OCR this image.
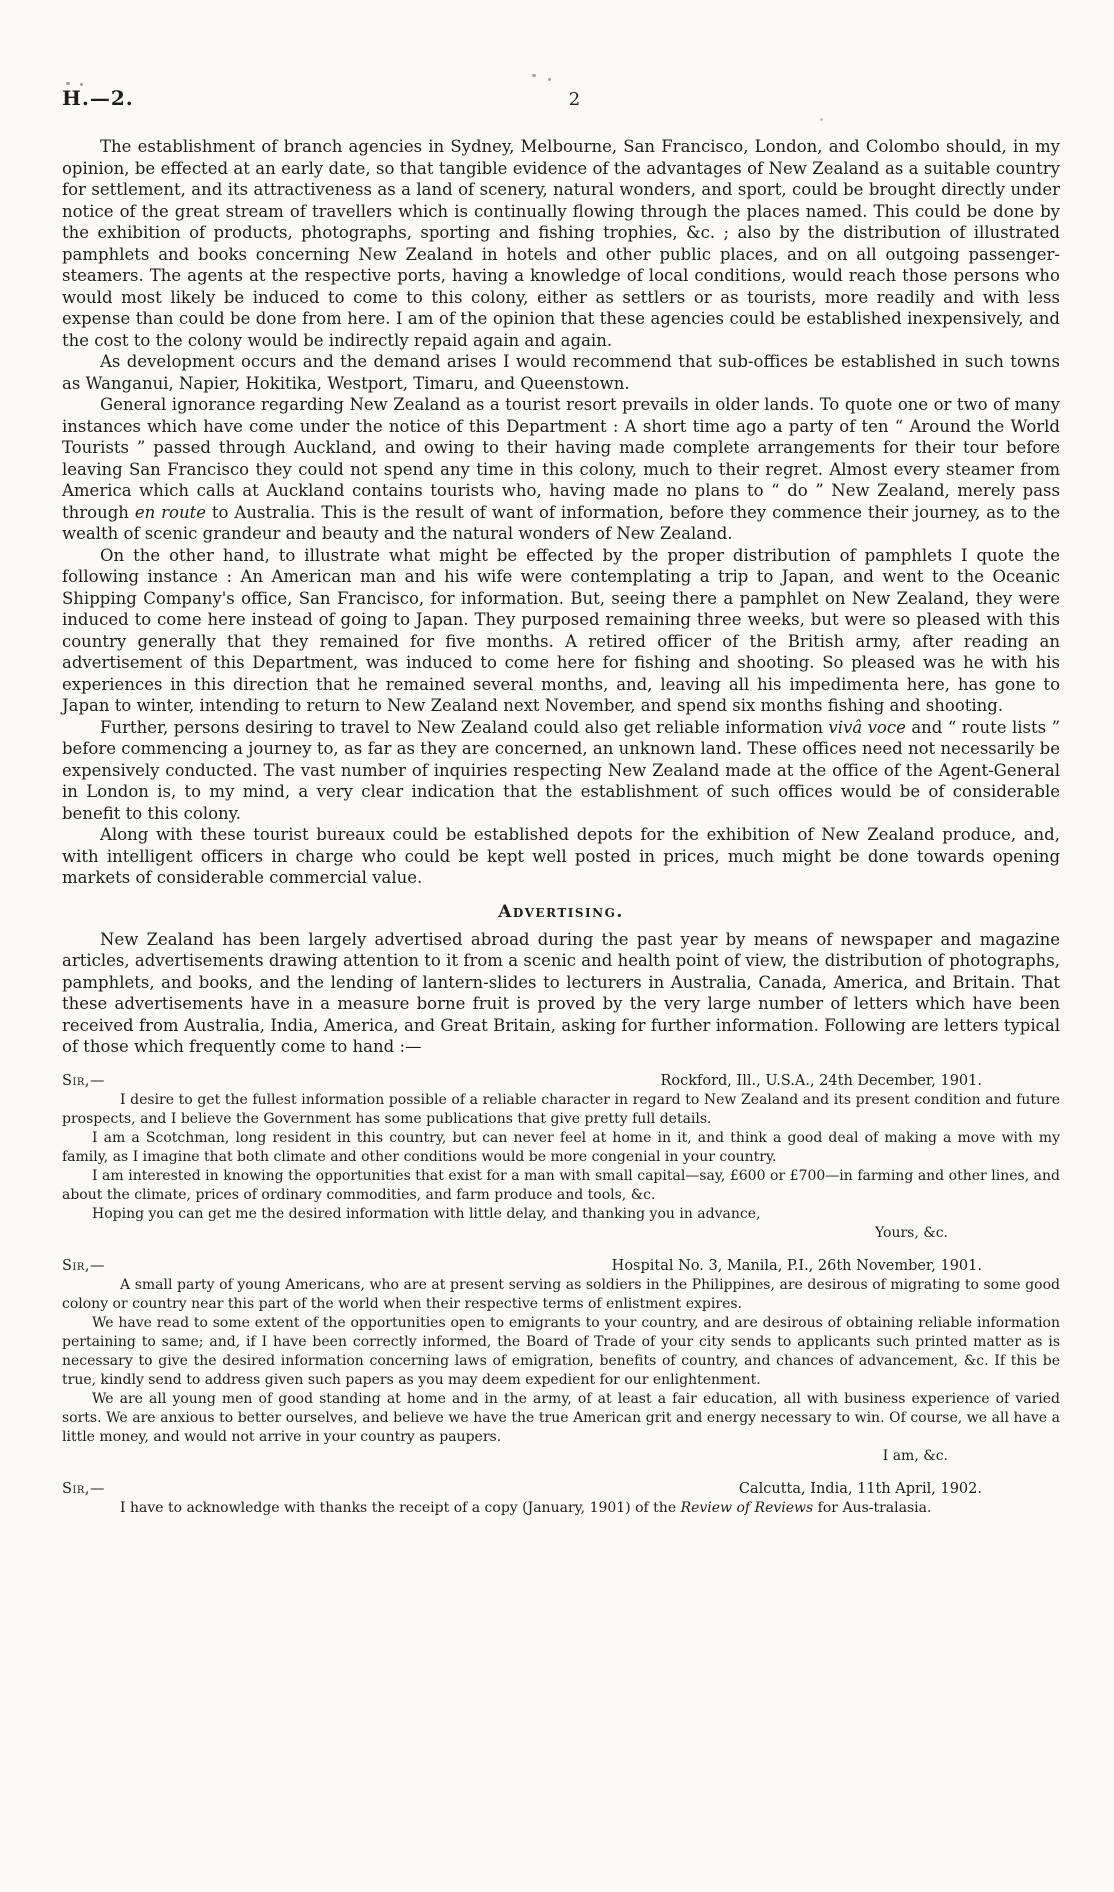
H.—2.	2

The establishment of branch agencies in Sydney, Melbourne, San Francisco, London, and Colombo should, in my opinion, be effected at an early date, so that tangible evidence of the advantages of New Zealand as a suitable country for settlement, and its attractiveness as a land of scenery, natural wonders, and sport, could be brought directly under notice of the great stream of travellers which is continually flowing through the places named. This could be done by the exhibition of products, photographs, sporting and fishing trophies, &c. ; also by the distribution of illustrated pamphlets and books concerning New Zealand in hotels and other public places, and on all outgoing passenger-steamers. The agents at the respective ports, having a knowledge of local conditions, would reach those persons who would most likely be induced to come to this colony, either as settlers or as tourists, more readily and with less expense than could be done from here. I am of the opinion that these agencies could be established inexpensively, and the cost to the colony would be indirectly repaid again and again.

As development occurs and the demand arises I would recommend that sub-offices be established in such towns as Wanganui, Napier, Hokitika, Westport, Timaru, and Queenstown.

General ignorance regarding New Zealand as a tourist resort prevails in older lands. To quote one or two of many instances which have come under the notice of this Department : A short time ago a party of ten “ Around the World Tourists ” passed through Auckland, and owing to their having made complete arrangements for their tour before leaving San Francisco they could not spend any time in this colony, much to their regret. Almost every steamer from America which calls at Auckland contains tourists who, having made no plans to “ do ” New Zealand, merely pass through en route to Australia. This is the result of want of information, before they commence their journey, as to the wealth of scenic grandeur and beauty and the natural wonders of New Zealand.

On the other hand, to illustrate what might be effected by the proper distribution of pamphlets I quote the following instance : An American man and his wife were contemplating a trip to Japan, and went to the Oceanic Shipping Company's office, San Francisco, for information. But, seeing there a pamphlet on New Zealand, they were induced to come here instead of going to Japan. They purposed remaining three weeks, but were so pleased with this country generally that they remained for five months. A retired officer of the British army, after reading an advertisement of this Department, was induced to come here for fishing and shooting. So pleased was he with his experiences in this direction that he remained several months, and, leaving all his impedimenta here, has gone to Japan to winter, intending to return to New Zealand next November, and spend six months fishing and shooting.

Further, persons desiring to travel to New Zealand could also get reliable information vivâ voce and “ route lists ” before commencing a journey to, as far as they are concerned, an unknown land. These offices need not necessarily be expensively conducted. The vast number of inquiries respecting New Zealand made at the office of the Agent-General in London is, to my mind, a very clear indication that the establishment of such offices would be of considerable benefit to this colony.

Along with these tourist bureaux could be established depots for the exhibition of New Zealand produce, and, with intelligent officers in charge who could be kept well posted in prices, much might be done towards opening markets of considerable commercial value.

Advertising.

New Zealand has been largely advertised abroad during the past year by means of newspaper and magazine articles, advertisements drawing attention to it from a scenic and health point of view, the distribution of photographs, pamphlets, and books, and the lending of lantern-slides to lecturers in Australia, Canada, America, and Britain. That these advertisements have in a measure borne fruit is proved by the very large number of letters which have been received from Australia, India, America, and Great Britain, asking for further information. Following are letters typical of those which frequently come to hand :—

Sir,—	Rockford, Ill., U.S.A., 24th December, 1901.

I desire to get the fullest information possible of a reliable character in regard to New Zealand and its present condition and future prospects, and I believe the Government has some publications that give pretty full details.

I am a Scotchman, long resident in this country, but can never feel at home in it, and think a good deal of making a move with my family, as I imagine that both climate and other conditions would be more congenial in your country.

I am interested in knowing the opportunities that exist for a man with small capital—say, £600 or £700—in farming and other lines, and about the climate, prices of ordinary commodities, and farm produce and tools, &c.

Hoping you can get me the desired information with little delay, and thanking you in advance,

Yours, &c.

Sir,—	Hospital No. 3, Manila, P.I., 26th November, 1901.

A small party of young Americans, who are at present serving as soldiers in the Philippines, are desirous of migrating to some good colony or country near this part of the world when their respective terms of enlistment expires.

We have read to some extent of the opportunities open to emigrants to your country, and are desirous of obtaining reliable information pertaining to same; and, if I have been correctly informed, the Board of Trade of your city sends to applicants such printed matter as is necessary to give the desired information concerning laws of emigration, benefits of country, and chances of advancement, &c. If this be true, kindly send to address given such papers as you may deem expedient for our enlightenment.

We are all young men of good standing at home and in the army, of at least a fair education, all with business experience of varied sorts. We are anxious to better ourselves, and believe we have the true American grit and energy necessary to win. Of course, we all have a little money, and would not arrive in your country as paupers.

I am, &c.

Sir,—	Calcutta, India, 11th April, 1902.

I have to acknowledge with thanks the receipt of a copy (January, 1901) of the Review of Reviews for Aus-tralasia.
